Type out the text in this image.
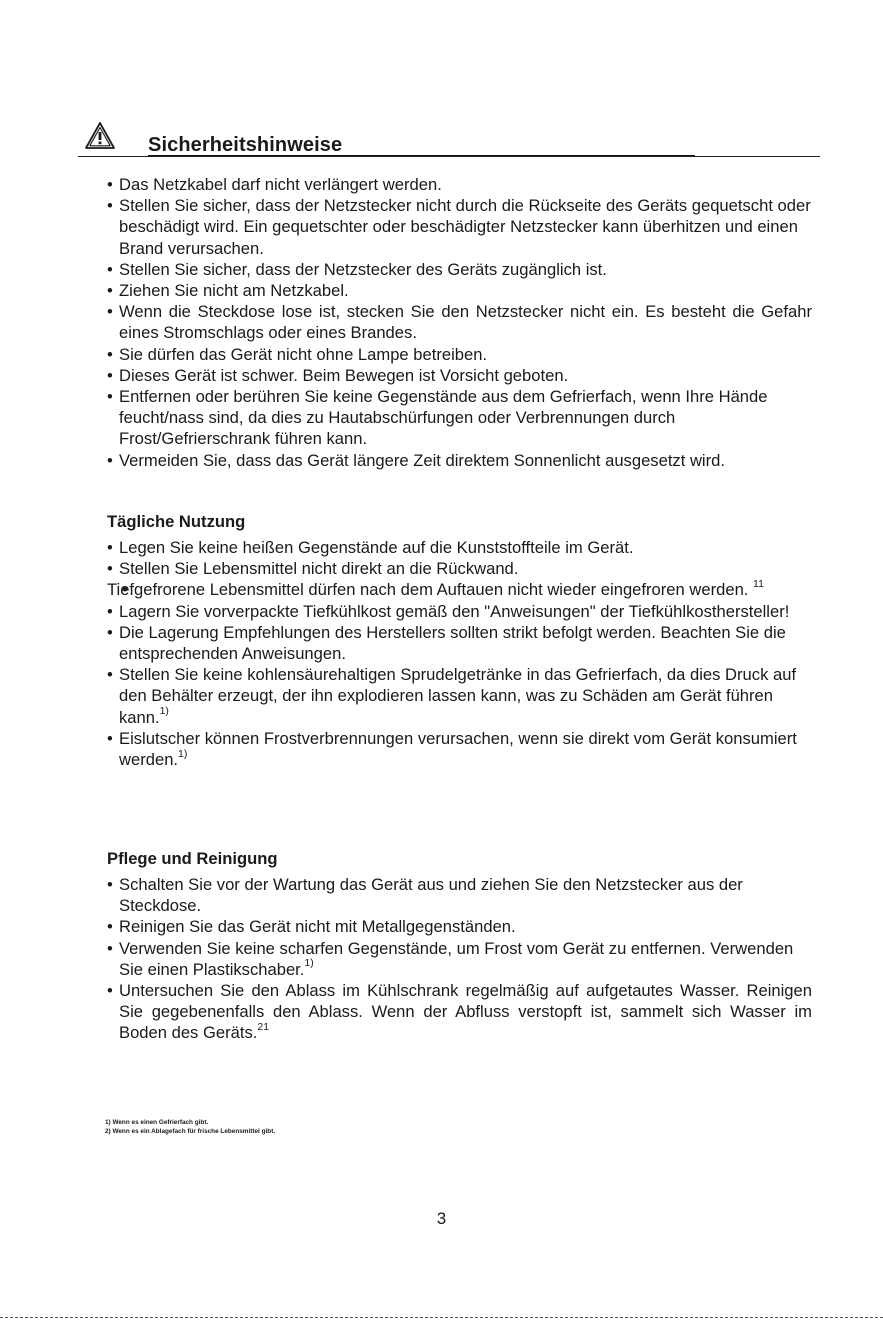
Sicherheitshinweise
• Das Netzkabel darf nicht verlängert werden.
• Stellen Sie sicher, dass der Netzstecker nicht durch die Rückseite des Geräts gequetscht oder beschädigt wird. Ein gequetschter oder beschädigter Netzstecker kann überhitzen und einen Brand verursachen.
• Stellen Sie sicher, dass der Netzstecker des Geräts zugänglich ist.
• Ziehen Sie nicht am Netzkabel.
• Wenn die Steckdose lose ist, stecken Sie den Netzstecker nicht ein. Es besteht die Gefahr eines Stromschlags oder eines Brandes.
• Sie dürfen das Gerät nicht ohne Lampe betreiben.
• Dieses Gerät ist schwer. Beim Bewegen ist Vorsicht geboten.
• Entfernen oder berühren Sie keine Gegenstände aus dem Gefrierfach, wenn Ihre Hände feucht/nass sind, da dies zu Hautabschürfungen oder Verbrennungen durch Frost/Gefrierschrank führen kann.
• Vermeiden Sie, dass das Gerät längere Zeit direktem Sonnenlicht ausgesetzt wird.
Tägliche Nutzung
• Legen Sie keine heißen Gegenstände auf die Kunststoffteile im Gerät.
• Stellen Sie Lebensmittel nicht direkt an die Rückwand.
• Tiefgefrorene Lebensmittel dürfen nach dem Auftauen nicht wieder eingefroren werden. $^{11}$
• Lagern Sie vorverpackte Tiefkühlkost gemäß den "Anweisungen" der Tiefkühlkosthersteller!
• Die Lagerung Empfehlungen des Herstellers sollten strikt befolgt werden. Beachten Sie die entsprechenden Anweisungen.
• Stellen Sie keine kohlensäurehaltigen Sprudelgetränke in das Gefrierfach, da dies Druck auf den Behälter erzeugt, der ihn explodieren lassen kann, was zu Schäden am Gerät führen kann.$^{1)}$
• Eislutscher können Frostverbrennungen verursachen, wenn sie direkt vom Gerät konsumiert werden.$^{1)}$
Pflege und Reinigung
• Schalten Sie vor der Wartung das Gerät aus und ziehen Sie den Netzstecker aus der Steckdose.
• Reinigen Sie das Gerät nicht mit Metallgegenständen.
• Verwenden Sie keine scharfen Gegenstände, um Frost vom Gerät zu entfernen. Verwenden Sie einen Plastikschaber.$^{1)}$
• Untersuchen Sie den Ablass im Kühlschrank regelmäßig auf aufgetautes Wasser. Reinigen Sie gegebenenfalls den Ablass. Wenn der Abfluss verstopft ist, sammelt sich Wasser im Boden des Geräts.$^{21}$
1) Wenn es einen Gefrierfach gibt.
2) Wenn es ein Ablagefach für frische Lebensmittel gibt.
3
